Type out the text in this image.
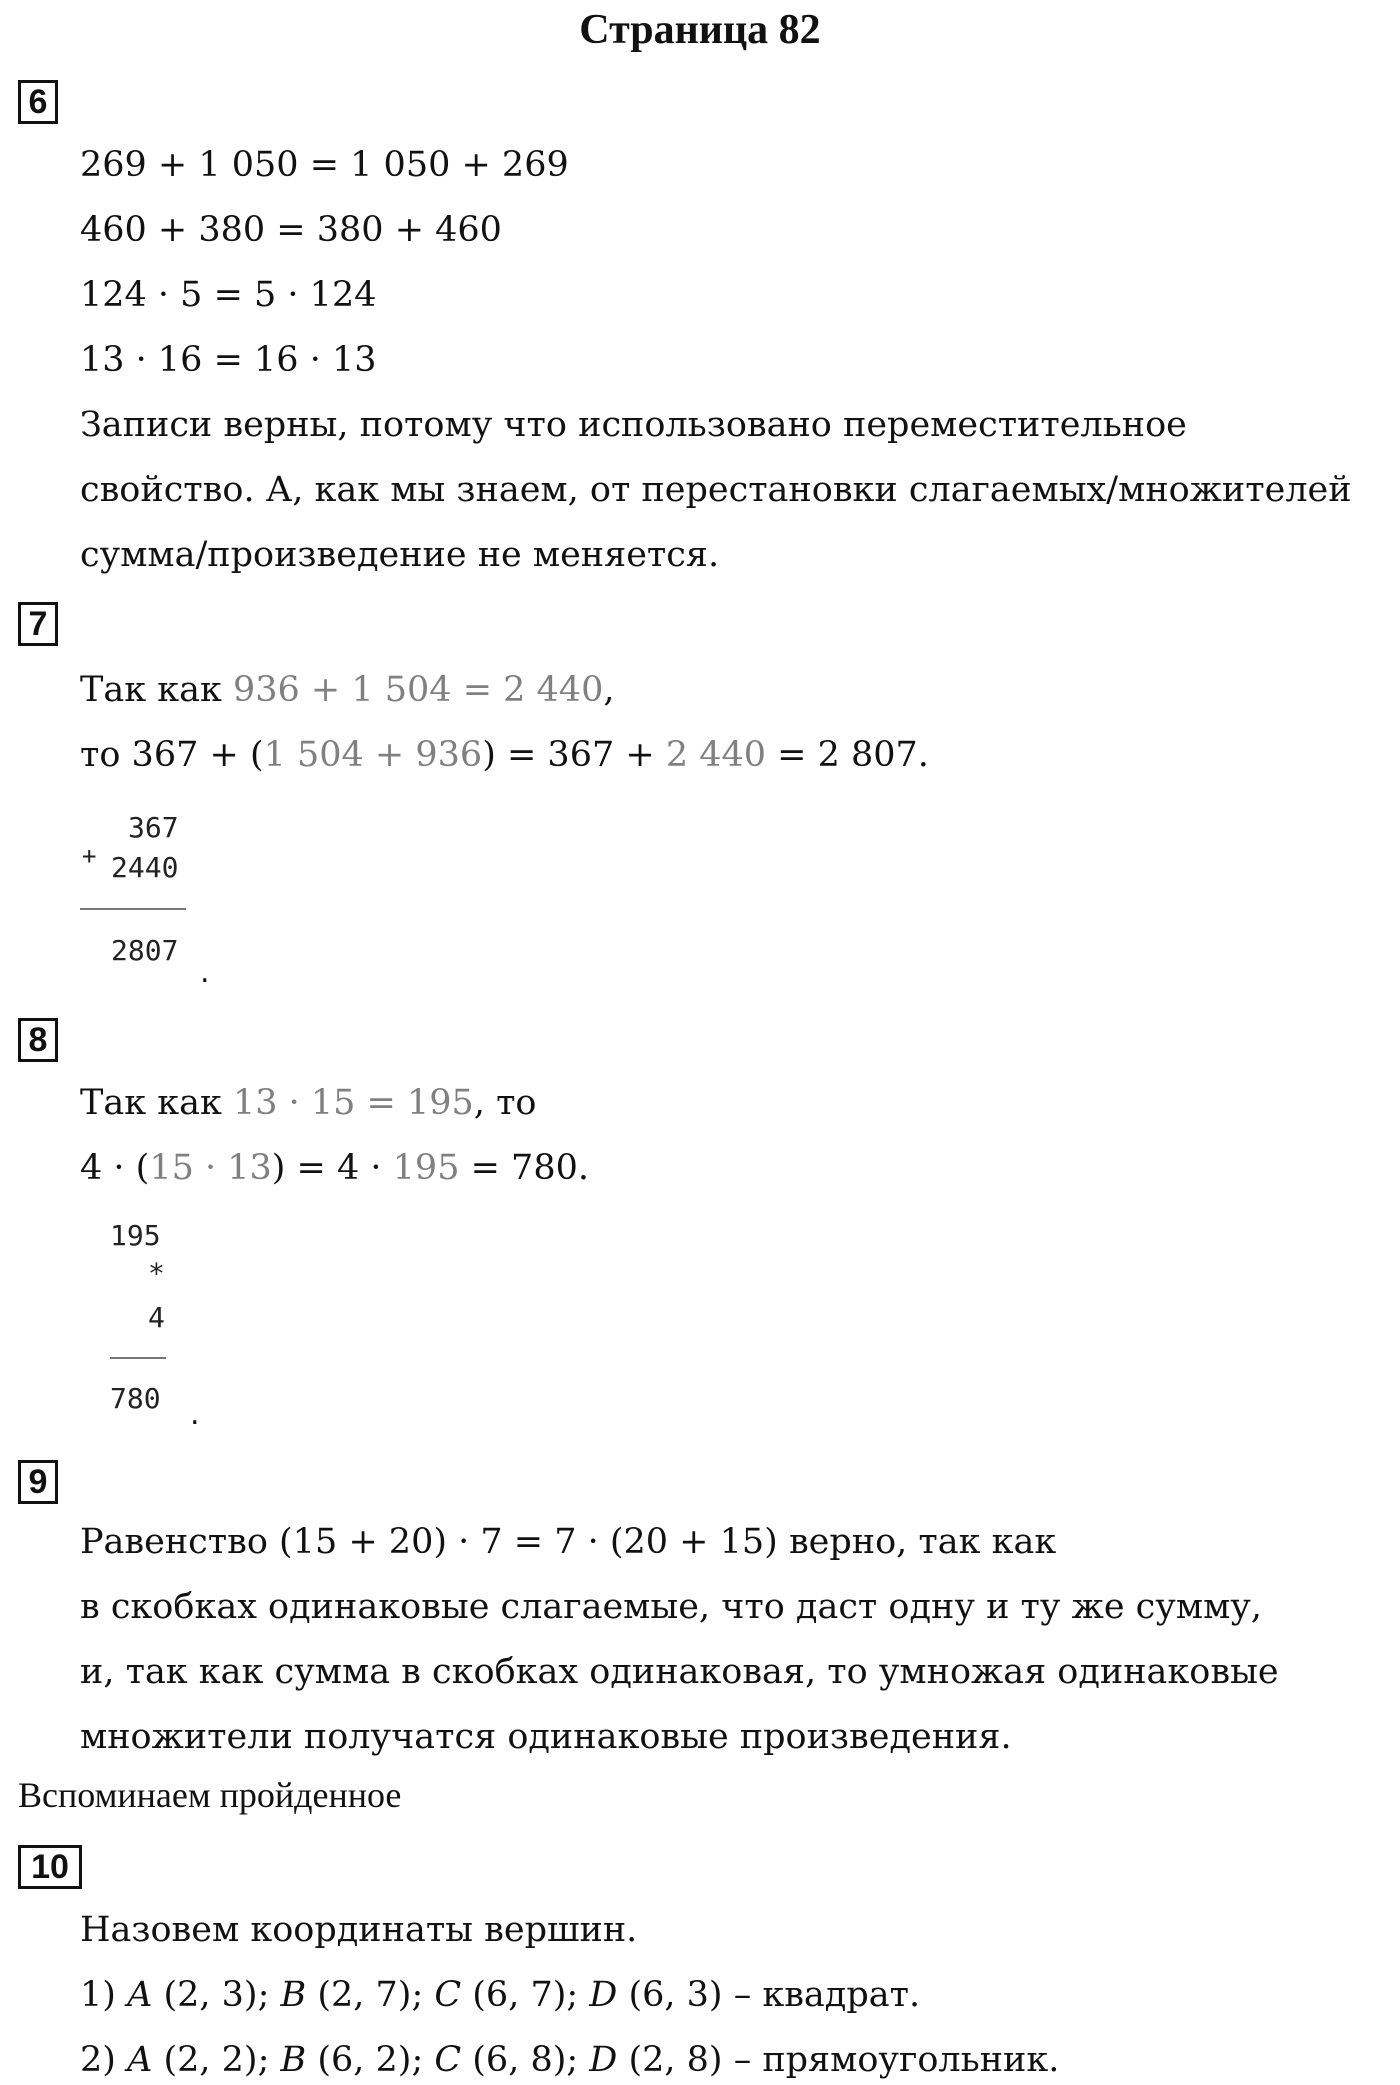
Страница 82
6
269 + 1 050 = 1 050 + 269
460 + 380 = 380 + 460
124 · 5 = 5 · 124
13 · 16 = 16 · 13
Записи верны, потому что использовано переместительное
свойство. А, как мы знаем, от перестановки слагаемых/множителей
сумма/произведение не меняется.
7
Так как 936 + 1 504 = 2 440,
то 367 + (1 504 + 936) = 367 + 2 440 = 2 807.
+
367
2440
2807
.
8
Так как 13 · 15 = 195, то
4 · (15 · 13) = 4 · 195 = 780.
195
*
4
780 .
9
Равенство (15 + 20) · 7 = 7 · (20 + 15) верно, так как
в скобках одинаковые слагаемые, что даст одну и ту же сумму,
и, так как сумма в скобках одинаковая, то умножая одинаковые
множители получатся одинаковые произведения.
Вспоминаем пройденное
10
Назовем координаты вершин.
1) A (2, 3); B (2, 7); C (6, 7); D (6, 3) – квадрат.
2) A (2, 2); B (6, 2); C (6, 8); D (2, 8) – прямоугольник.
